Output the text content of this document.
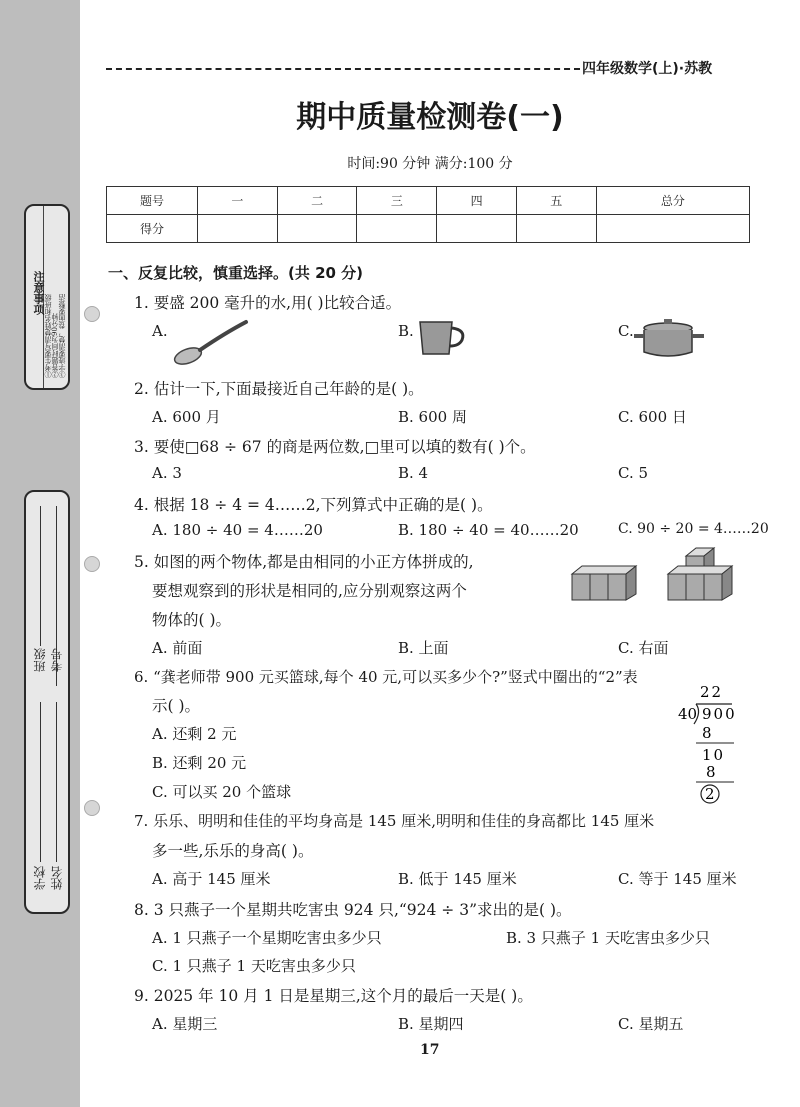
注意事项
①考生要写清楚姓名和班级 ②答题时间为90分钟 ③字迹要清楚，卷面要整洁
班级 考号
学校 姓名
四年级数学(上)·苏教
期中质量检测卷(一)
时间:90 分钟 满分:100 分
题号	一	二	三	四	五	总分
得分						
一、反复比较，慎重选择。(共 20 分)
1. 要盛 200 毫升的水,用( )比较合适。
A.	B.	C.
2. 估计一下,下面最接近自己年龄的是( )。
A. 600 月	B. 600 周	C. 600 日
3. 要使□68 ÷ 67 的商是两位数,□里可以填的数有( )个。
A. 3	B. 4	C. 5
4. 根据 18 ÷ 4 = 4……2,下列算式中正确的是( )。
A. 180 ÷ 40 = 4……20	B. 180 ÷ 40 = 40……20	C. 90 ÷ 20 = 4……20
5. 如图的两个物体,都是由相同的小正方体拼成的,
要想观察到的形状是相同的,应分别观察这两个
物体的( )。
A. 前面	B. 上面	C. 右面
6. “龚老师带 900 元买篮球,每个 40 元,可以买多少个?”竖式中圈出的“2”表
示( )。
A. 还剩 2 元
B. 还剩 20 元
C. 可以买 20 个篮球
22
40 900
8
10
8
2
7. 乐乐、明明和佳佳的平均身高是 145 厘米,明明和佳佳的身高都比 145 厘米
多一些,乐乐的身高( )。
A. 高于 145 厘米	B. 低于 145 厘米	C. 等于 145 厘米
8. 3 只燕子一个星期共吃害虫 924 只,“924 ÷ 3”求出的是( )。
A. 1 只燕子一个星期吃害虫多少只	B. 3 只燕子 1 天吃害虫多少只
C. 1 只燕子 1 天吃害虫多少只
9. 2025 年 10 月 1 日是星期三,这个月的最后一天是( )。
A. 星期三	B. 星期四	C. 星期五
17
